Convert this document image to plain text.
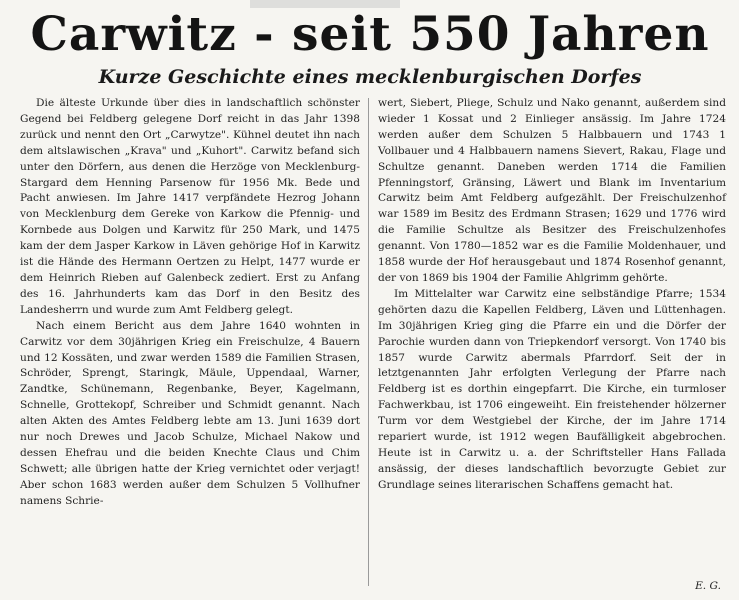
Carwitz - seit 550 Jahren
Kurze Geschichte eines mecklenburgischen Dorfes

Die älteste Urkunde über dies in landschaftlich schönster Gegend bei Feldberg gelegene Dorf reicht in das Jahr 1398 zurück und nennt den Ort „Carwytze". Kühnel deutet ihn nach dem altslawischen „Krava" und „Kuhort". Carwitz befand sich unter den Dörfern, aus denen die Herzöge von Mecklenburg-Stargard dem Henning Parsenow für 1956 Mk. Bede und Pacht anwiesen. Im Jahre 1417 verpfändete Hezrog Johann von Mecklenburg dem Gereke von Karkow die Pfennig- und Kornbede aus Dolgen und Karwitz für 250 Mark, und 1475 kam der dem Jasper Karkow in Läven gehörige Hof in Karwitz ist die Hände des Hermann Oertzen zu Helpt, 1477 wurde er dem Heinrich Rieben auf Galenbeck zediert. Erst zu Anfang des 16. Jahrhunderts kam das Dorf in den Besitz des Landesherrn und wurde zum Amt Feldberg gelegt.

Nach einem Bericht aus dem Jahre 1640 wohnten in Carwitz vor dem 30jährigen Krieg ein Freischulze, 4 Bauern und 12 Kossäten, und zwar werden 1589 die Familien Strasen, Schröder, Sprengt, Staringk, Mäule, Uppendaal, Warner, Zandtke, Schünemann, Regenbanke, Beyer, Kagelmann, Schnelle, Grottekopf, Schreiber und Schmidt genannt. Nach alten Akten des Amtes Feldberg lebte am 13. Juni 1639 dort nur noch Drewes und Jacob Schulze, Michael Nakow und dessen Ehefrau und die beiden Knechte Claus und Chim Schwett; alle übrigen hatte der Krieg vernichtet oder verjagt! Aber schon 1683 werden außer dem Schulzen 5 Vollhufner namens Schrie-

wert, Siebert, Pliege, Schulz und Nako genannt, außerdem sind wieder 1 Kossat und 2 Einlieger ansässig. Im Jahre 1724 werden außer dem Schulzen 5 Halbbauern und 1743 1 Vollbauer und 4 Halbbauern namens Sievert, Rakau, Flage und Schultze genannt. Daneben werden 1714 die Familien Pfenningstorf, Gränsing, Läwert und Blank im Inventarium Carwitz beim Amt Feldberg aufgezählt. Der Freischulzenhof war 1589 im Besitz des Erdmann Strasen; 1629 und 1776 wird die Familie Schultze als Besitzer des Freischulzenhofes genannt. Von 1780—1852 war es die Familie Moldenhauer, und 1858 wurde der Hof herausgebaut und 1874 Rosenhof genannt, der von 1869 bis 1904 der Familie Ahlgrimm gehörte.

Im Mittelalter war Carwitz eine selbständige Pfarre; 1534 gehörten dazu die Kapellen Feldberg, Läven und Lüttenhagen. Im 30jährigen Krieg ging die Pfarre ein und die Dörfer der Parochie wurden dann von Triepkendorf versorgt. Von 1740 bis 1857 wurde Carwitz abermals Pfarrdorf. Seit der in letztgenannten Jahr erfolgten Verlegung der Pfarre nach Feldberg ist es dorthin eingepfarrt. Die Kirche, ein turmloser Fachwerkbau, ist 1706 eingeweiht. Ein freistehender hölzerner Turm vor dem Westgiebel der Kirche, der im Jahre 1714 repariert wurde, ist 1912 wegen Baufälligkeit abgebrochen. Heute ist in Carwitz u. a. der Schriftsteller Hans Fallada ansässig, der dieses landschaftlich bevorzugte Gebiet zur Grundlage seines literarischen Schaffens gemacht hat.

E. G.
